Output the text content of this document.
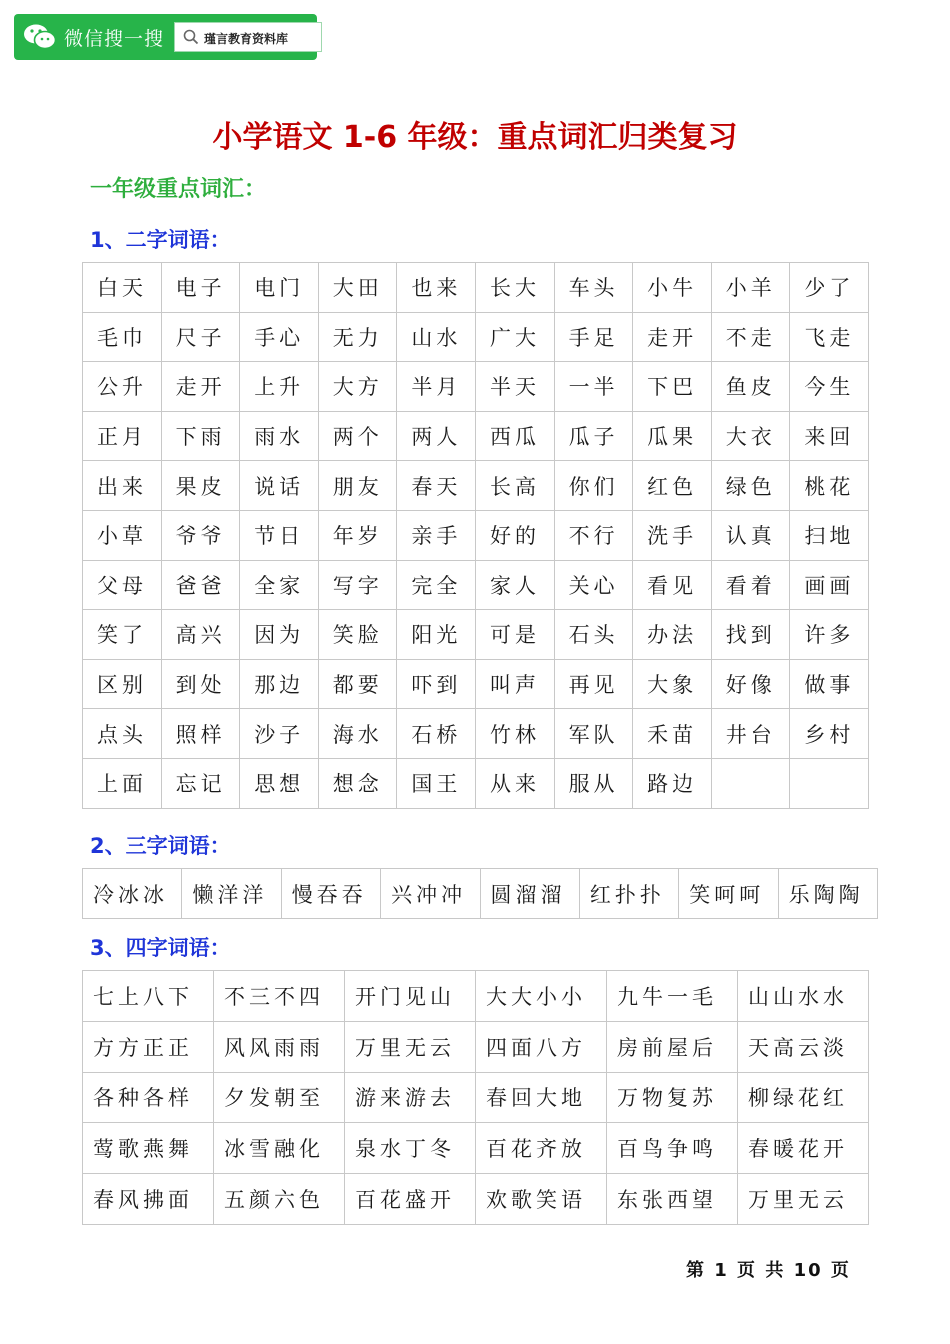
微信搜一搜	瑾言教育资料库
小学语文 1-6 年级：重点词汇归类复习
一年级重点词汇：
1、二字词语：
白天	电子	电门	大田	也来	长大	车头	小牛	小羊	少了
毛巾	尺子	手心	无力	山水	广大	手足	走开	不走	飞走
公升	走开	上升	大方	半月	半天	一半	下巴	鱼皮	今生
正月	下雨	雨水	两个	两人	西瓜	瓜子	瓜果	大衣	来回
出来	果皮	说话	朋友	春天	长高	你们	红色	绿色	桃花
小草	爷爷	节日	年岁	亲手	好的	不行	洗手	认真	扫地
父母	爸爸	全家	写字	完全	家人	关心	看见	看着	画画
笑了	高兴	因为	笑脸	阳光	可是	石头	办法	找到	许多
区别	到处	那边	都要	吓到	叫声	再见	大象	好像	做事
点头	照样	沙子	海水	石桥	竹林	军队	禾苗	井台	乡村
上面	忘记	思想	想念	国王	从来	服从	路边		
2、三字词语：
冷冰冰	懒洋洋	慢吞吞	兴冲冲	圆溜溜	红扑扑	笑呵呵	乐陶陶
3、四字词语：
七上八下	不三不四	开门见山	大大小小	九牛一毛	山山水水
方方正正	风风雨雨	万里无云	四面八方	房前屋后	天高云淡
各种各样	夕发朝至	游来游去	春回大地	万物复苏	柳绿花红
莺歌燕舞	冰雪融化	泉水丁冬	百花齐放	百鸟争鸣	春暖花开
春风拂面	五颜六色	百花盛开	欢歌笑语	东张西望	万里无云
第 1 页 共 10 页
